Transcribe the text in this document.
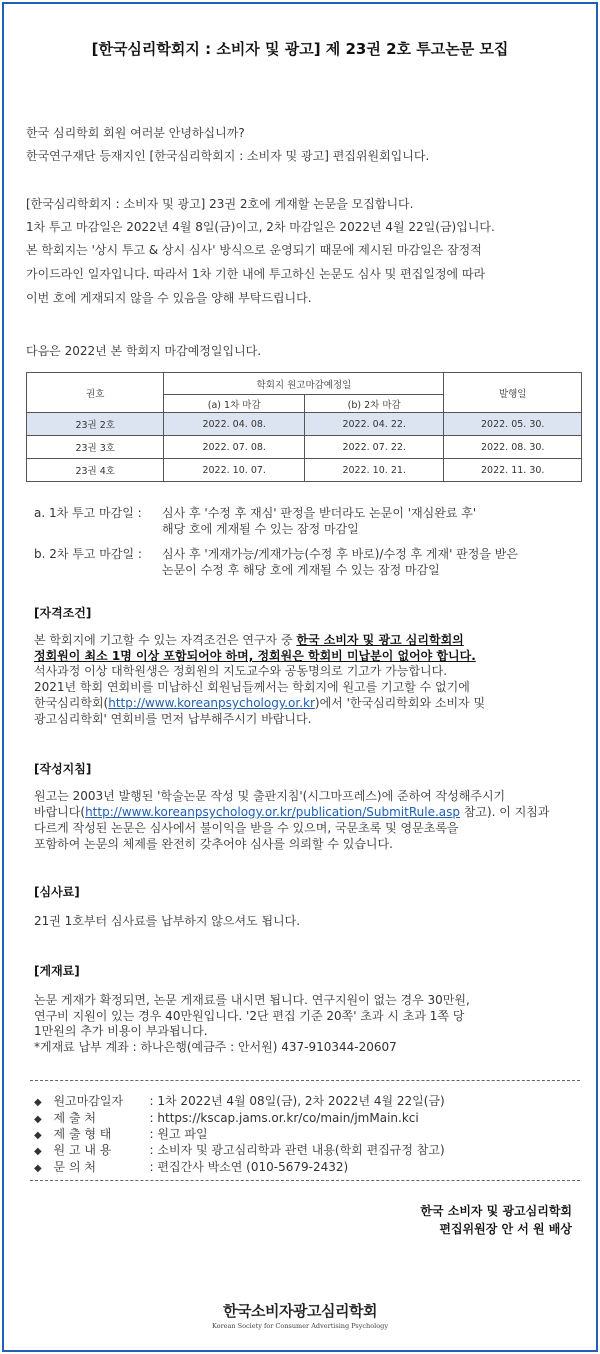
[한국심리학회지 : 소비자 및 광고] 제 23권 2호 투고논문 모집
한국 심리학회 회원 여러분 안녕하십니까?
한국연구재단 등재지인 [한국심리학회지 : 소비자 및 광고] 편집위원회입니다.
[한국심리학회지 : 소비자 및 광고] 23권 2호에 게재할 논문을 모집합니다.
1차 투고 마감일은 2022년 4월 8일(금)이고, 2차 마감일은 2022년 4월 22일(금)입니다.
본 학회지는 '상시 투고 & 상시 심사' 방식으로 운영되기 때문에 제시된 마감일은 잠정적
가이드라인 일자입니다. 따라서 1차 기한 내에 투고하신 논문도 심사 및 편집일정에 따라
이번 호에 게재되지 않을 수 있음을 양해 부탁드립니다.
다음은 2022년 본 학회지 마감예정일입니다.
권호	학회지 원고마감예정일		발행일
	(a) 1차 마감	(b) 2차 마감	
23권 2호	2022. 04. 08.	2022. 04. 22.	2022. 05. 30.
23권 3호	2022. 07. 08.	2022. 07. 22.	2022. 08. 30.
23권 4호	2022. 10. 07.	2022. 10. 21.	2022. 11. 30.
a. 1차 투고 마감일 : 심사 후 '수정 후 재심' 판정을 받더라도 논문이 '재심완료 후'
해당 호에 게재될 수 있는 잠정 마감일
b. 2차 투고 마감일 : 심사 후 '게재가능/게재가능(수정 후 바로)/수정 후 게재' 판정을 받은
논문이 수정 후 해당 호에 게재될 수 있는 잠정 마감일
[자격조건]
본 학회지에 기고할 수 있는 자격조건은 연구자 중 한국 소비자 및 광고 심리학회의
정회원이 최소 1명 이상 포함되어야 하며, 정회원은 학회비 미납분이 없어야 합니다.
석사과정 이상 대학원생은 정회원의 지도교수와 공동명의로 기고가 가능합니다.
2021년 학회 연회비를 미납하신 회원님들께서는 학회지에 원고를 기고할 수 없기에
한국심리학회(http://www.koreanpsychology.or.kr)에서 '한국심리학회와 소비자 및
광고심리학회' 연회비를 먼저 납부해주시기 바랍니다.
[작성지침]
원고는 2003년 발행된 '학술논문 작성 및 출판지침'(시그마프레스)에 준하여 작성해주시기
바랍니다(http://www.koreanpsychology.or.kr/publication/SubmitRule.asp 참고). 이 지침과
다르게 작성된 논문은 심사에서 불이익을 받을 수 있으며, 국문초록 및 영문초록을
포함하여 논문의 체제를 완전히 갖추어야 심사를 의뢰할 수 있습니다.
[심사료]
21권 1호부터 심사료를 납부하지 않으셔도 됩니다.
[게재료]
논문 게재가 확정되면, 논문 게재료를 내시면 됩니다. 연구지원이 없는 경우 30만원,
연구비 지원이 있는 경우 40만원입니다. '2단 편집 기준 20쪽' 초과 시 초과 1쪽 당
1만원의 추가 비용이 부과됩니다.
*게재료 납부 계좌 : 하나은행(예금주 : 안서원) 437-910344-20607
◆ 원고마감일자 : 1차 2022년 4월 08일(금), 2차 2022년 4월 22일(금)
◆ 제 출 처	: https://kscap.jams.or.kr/co/main/jmMain.kci
◆ 제 출 형 태	: 원고 파일
◆ 원 고 내 용	: 소비자 및 광고심리학과 관련 내용(학회 편집규정 참고)
◆ 문 의 처	: 편집간사 박소연 (010-5679-2432)
한국 소비자 및 광고심리학회
편집위원장 안 서 원 배상
한국소비자광고심리학회
Korean Society for Consumer Advertising Psychology
